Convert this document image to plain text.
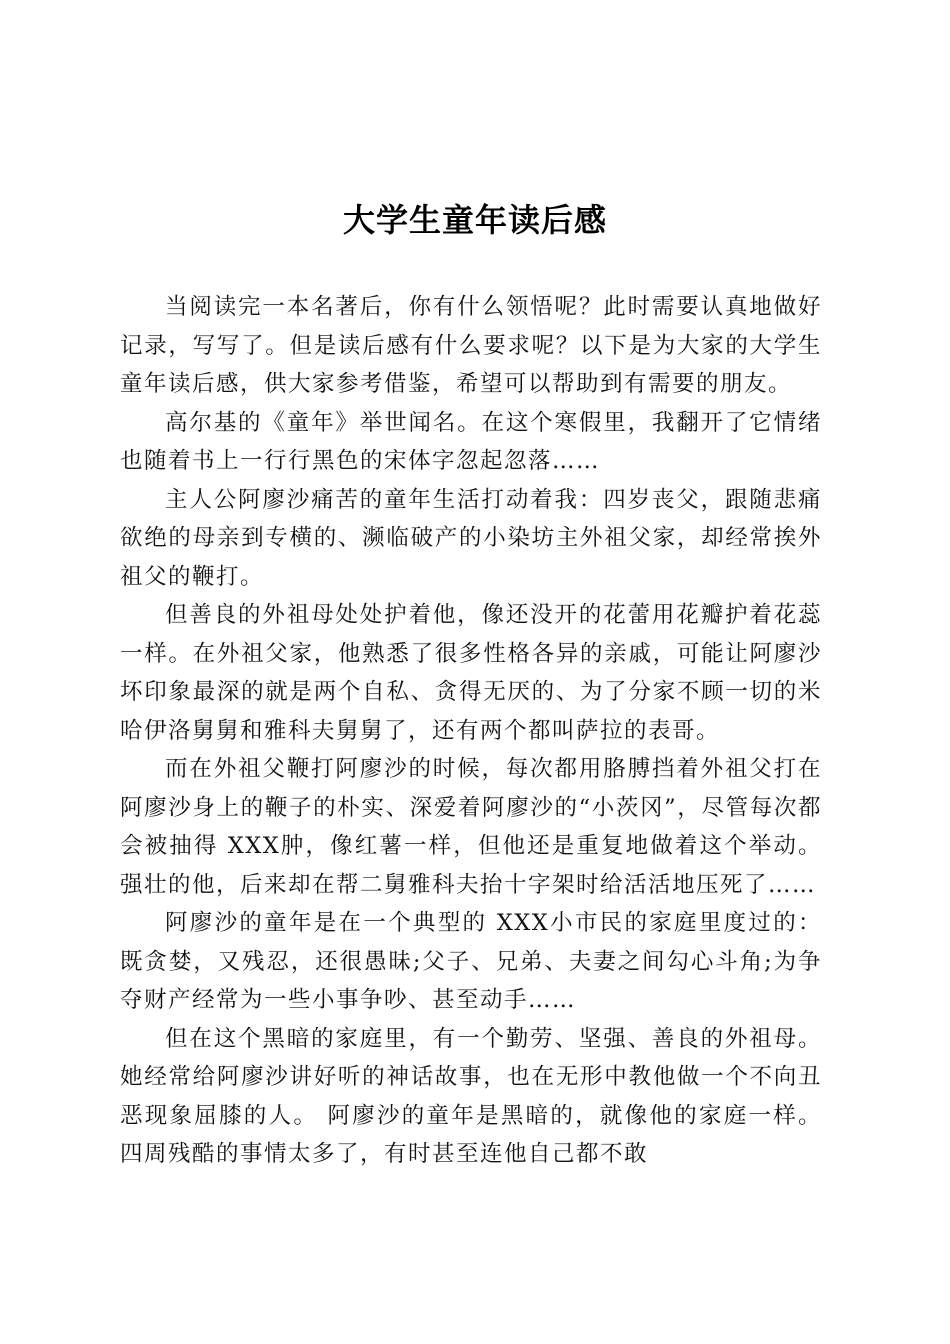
大学生童年读后感

当阅读完一本名著后，你有什么领悟呢？此时需要认真地做好记录，写写了。但是读后感有什么要求呢？以下是为大家的大学生童年读后感，供大家参考借鉴，希望可以帮助到有需要的朋友。

高尔基的《童年》举世闻名。在这个寒假里，我翻开了它情绪也随着书上一行行黑色的宋体字忽起忽落……

主人公阿廖沙痛苦的童年生活打动着我：四岁丧父，跟随悲痛欲绝的母亲到专横的、濒临破产的小染坊主外祖父家，却经常挨外祖父的鞭打。

但善良的外祖母处处护着他，像还没开的花蕾用花瓣护着花蕊一样。在外祖父家，他熟悉了很多性格各异的亲戚，可能让阿廖沙坏印象最深的就是两个自私、贪得无厌的、为了分家不顾一切的米哈伊洛舅舅和雅科夫舅舅了，还有两个都叫萨拉的表哥。

而在外祖父鞭打阿廖沙的时候，每次都用胳膊挡着外祖父打在阿廖沙身上的鞭子的朴实、深爱着阿廖沙的“小茨冈”，尽管每次都会被抽得 XXX肿，像红薯一样，但他还是重复地做着这个举动。强壮的他，后来却在帮二舅雅科夫抬十字架时给活活地压死了……

阿廖沙的童年是在一个典型的 XXX小市民的家庭里度过的：既贪婪，又残忍，还很愚昧;父子、兄弟、夫妻之间勾心斗角;为争夺财产经常为一些小事争吵、甚至动手……

但在这个黑暗的家庭里，有一个勤劳、坚强、善良的外祖母。她经常给阿廖沙讲好听的神话故事，也在无形中教他做一个不向丑恶现象屈膝的人。 阿廖沙的童年是黑暗的，就像他的家庭一样。四周残酷的事情太多了，有时甚至连他自己都不敢
